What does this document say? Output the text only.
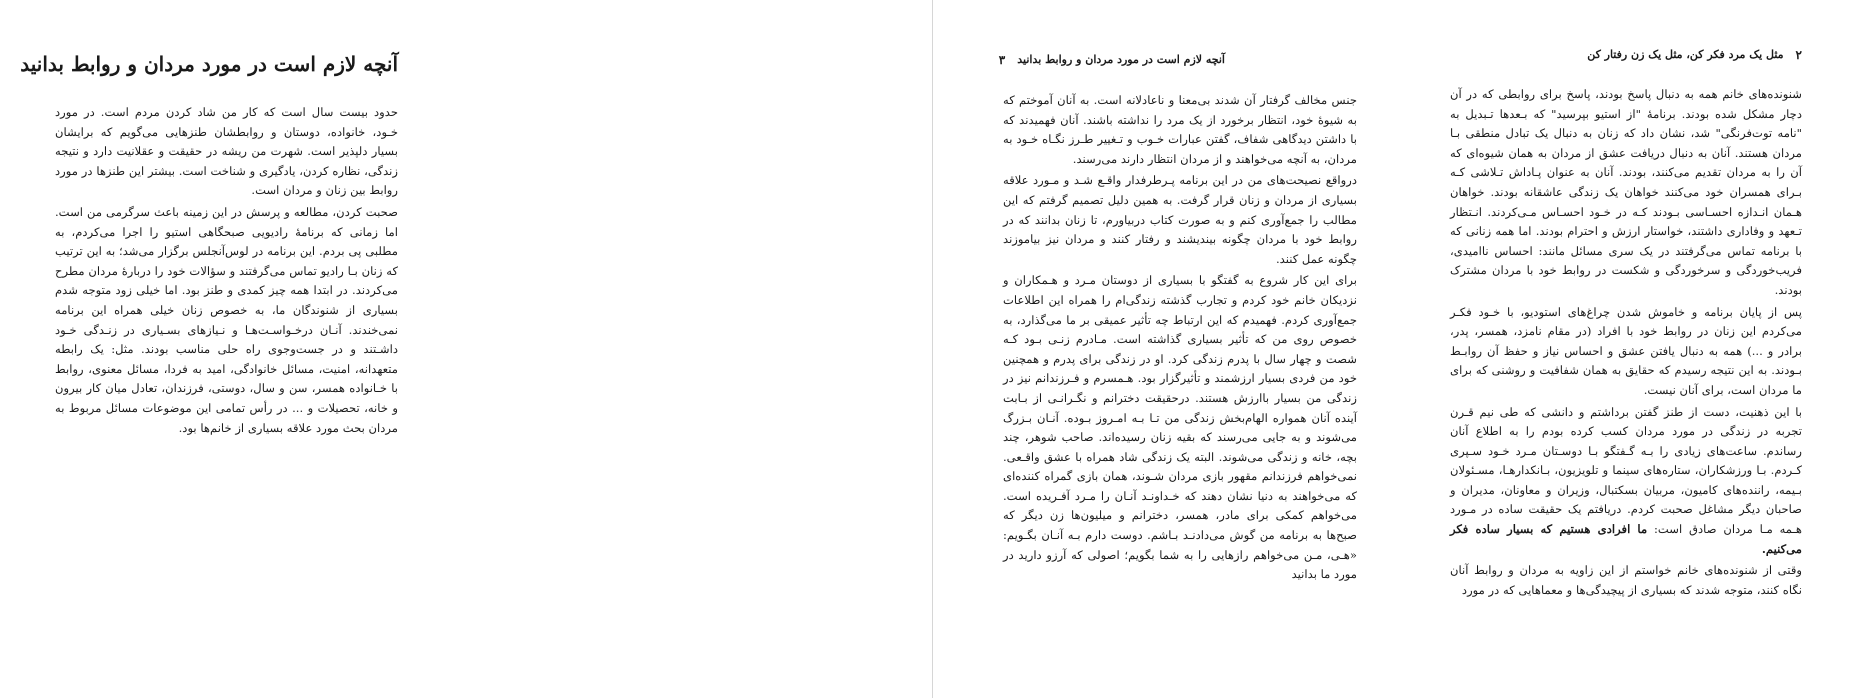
آنچه لازم است در مورد مردان و روابط بدانید

حدود بیست سال است که کار من شاد کردن مردم است. در مورد خـود، خانواده، دوستان و روابطشان طنزهایی می‌گویم که برایشان بسیار دلپذیر است. شهرت من ریشه در حقیقت و عقلانیت دارد و نتیجه زندگی، نظاره کردن، یادگیری و شناخت است. بیشتر این طنزها در مورد روابط بین زنان و مردان است.

صحبت کردن، مطالعه و پرسش در این زمینه باعث سرگرمی من است. اما زمانی که برنامهٔ رادیویی صبحگاهی استیو را اجرا می‌کردم، به مطلبی پی بردم. این برنامه در لوس‌آنجلس برگزار می‌شد؛ به این ترتیب که زنان بـا رادیو تماس می‌گرفتند و سؤالات خود را دربارهٔ مردان مطرح می‌کردند. در ابتدا همه چیز کمدی و طنز بود. اما خیلی زود متوجه شدم بسیاری از شنوندگان ما، به خصوص زنان خیلی همراه این برنامه نمی‌خندند. آنـان درخـواسـت‌هـا و نـیازهای بسـیاری در زنـدگی خـود داشـتند و در جست‌وجوی راه حلی مناسب بودند. مثل: یک رابطه متعهدانه، امنیت، مسائل خانوادگی، امید به فردا، مسائل معنوی، روابط با خـانواده همسر، سن و سال، دوستی، فرزندان، تعادل میان کار بیرون و خانه، تحصیلات و ... در رأس تمامی این موضوعات مسائل مربوط به مردان بحث مورد علاقه بسیاری از خانم‌ها بود.

آنچه لازم است در مورد مردان و روابط بدانید
۳

جنس مخالف گرفتار آن شدند بی‌معنا و ناعادلانه است. به آنان آموختم که به شیوهٔ خود، انتظار برخورد از یک مرد را نداشته باشند. آنان فهمیدند که با داشتن دیدگاهی شفاف، گفتن عبارات خـوب و تـغییر طـرز نگـاه خـود به مردان، به آنچه می‌خواهند و از مردان انتظار دارند می‌رسند.

درواقع نصیحت‌های من در این برنامه پـرطرفدار واقـع شـد و مـورد علاقه بسیاری از مردان و زنان قرار گرفت. به همین دلیل تصمیم گرفتم که این مطالب را جمع‌آوری کنم و به صورت کتاب دربیاورم، تا زنان بدانند که در روابط خود با مردان چگونه بیندیشند و رفتار کنند و مردان نیز بیاموزند چگونه عمل کنند.

برای این کار شروع به گفتگو با بسیاری از دوستان مـرد و هـمکاران و نزدیکان خانم خود کردم و تجارب گذشته زندگی‌ام را همراه این اطلاعات جمع‌آوری کردم. فهمیدم که این ارتباط چه تأثیر عمیقی بر ما می‌گذارد، به خصوص روی من که تأثیر بسیاری گذاشته است. مـادرم زنـی بـود کـه شصت و چهار سال با پدرم زندگی کرد. او در زندگی برای پدرم و همچنین خود من فردی بسیار ارزشمند و تأثیرگزار بود. هـمسرم و فـرزندانم نیز در زندگی من بسیار باارزش هستند. درحقیقت دخترانم و نگـرانـی از بـابت آینده آنان همواره الهام‌بخش زندگی من تـا بـه امـروز بـوده. آنـان بـزرگ می‌شوند و به جایی می‌رسند که بقیه زنان رسیده‌اند. صاحب شوهر، چند بچه، خانه و زندگی می‌شوند. البته یک زندگی شاد همراه با عشق واقـعی. نمی‌خواهم فرزندانم مقهور بازی مردان شـوند، همان بازی گمراه کننده‌ای که می‌خواهند به دنیا نشان دهند که خـداونـد آنـان را مـرد آفـریده است. می‌خواهم کمکی برای مادر، همسر، دخترانم و میلیون‌ها زن دیگر که صبح‌ها به برنامه من گوش می‌دادنـد بـاشم. دوست دارم بـه آنـان بگـویم: «هـی، مـن می‌خواهم رازهایی را به شما بگویم؛ اصولی که آرزو دارید در مورد ما بدانید

۲
مثل یک مرد فکر کن، مثل یک زن رفتار کن

شنونده‌های خانم همه به دنبال پاسخ بودند، پاسخ برای روابطی که در آن دچار مشکل شده بودند. برنامهٔ "از استیو بپرسید" که بـعدها تـبدیل به "نامه توت‌فرنگی" شد، نشان داد که زنان به دنبال یک تبادل منطقی بـا مردان هستند. آنان به دنبال دریافت عشق از مردان به همان شیوه‌ای که آن را به مردان تقدیم می‌کنند، بودند. آنان به عنوان پـاداش تـلاشی کـه بـرای همسران خود می‌کنند خواهان یک زندگی عاشقانه بودند. خواهان هـمان انـدازه احسـاسی بـودند کـه در خـود احسـاس مـی‌کردند. انـتظار تـعهد و وفاداری داشتند، خواستار ارزش و احترام بودند. اما همه زنانی که با برنامه تماس می‌گرفتند در یک سری مسائل مانند: احساس ناامیدی، فریب‌خوردگی و سرخوردگی و شکست در روابط خود با مردان مشترک بودند.

پس از پایان برنامه و خاموش شدن چراغ‌های استودیو، با خـود فکـر می‌کردم این زنان در روابط خود با افراد (در مقام نامزد، همسر، پدر، برادر و ...) همه به دنبال یافتن عشق و احساس نیاز و حفظ آن روابـط بـودند. به این نتیجه رسیدم که حقایق به همان شفافیت و روشنی که برای ما مردان است، برای آنان نیست.

با این ذهنیت، دست از طنز گفتن برداشتم و دانشی که طی نیم قـرن تجربه در زندگی در مورد مردان کسب کرده بودم را به اطلاع آنان رساندم. ساعت‌های زیادی را بـه گـفتگو بـا دوسـتان مـرد خـود سـپری کـردم. بـا ورزشکاران، ستاره‌های سینما و تلویزیون، بـانکدارهـا، مسـئولان بـیمه، راننده‌های کامیون، مربیان بسکتبال، وزیران و معاونان، مدیران و صاحبان دیگر مشاغل صحبت کردم. دریافتم یک حقیقت ساده در مـورد هـمه مـا مردان صادق است: ما افرادی هستیم که بسیار ساده فکر می‌کنیم.

وقتی از شنونده‌های خانم خواستم از این زاویه به مردان و روابط آنان نگاه کنند، متوجه شدند که بسیاری از پیچیدگی‌ها و معماهایی که در مورد
